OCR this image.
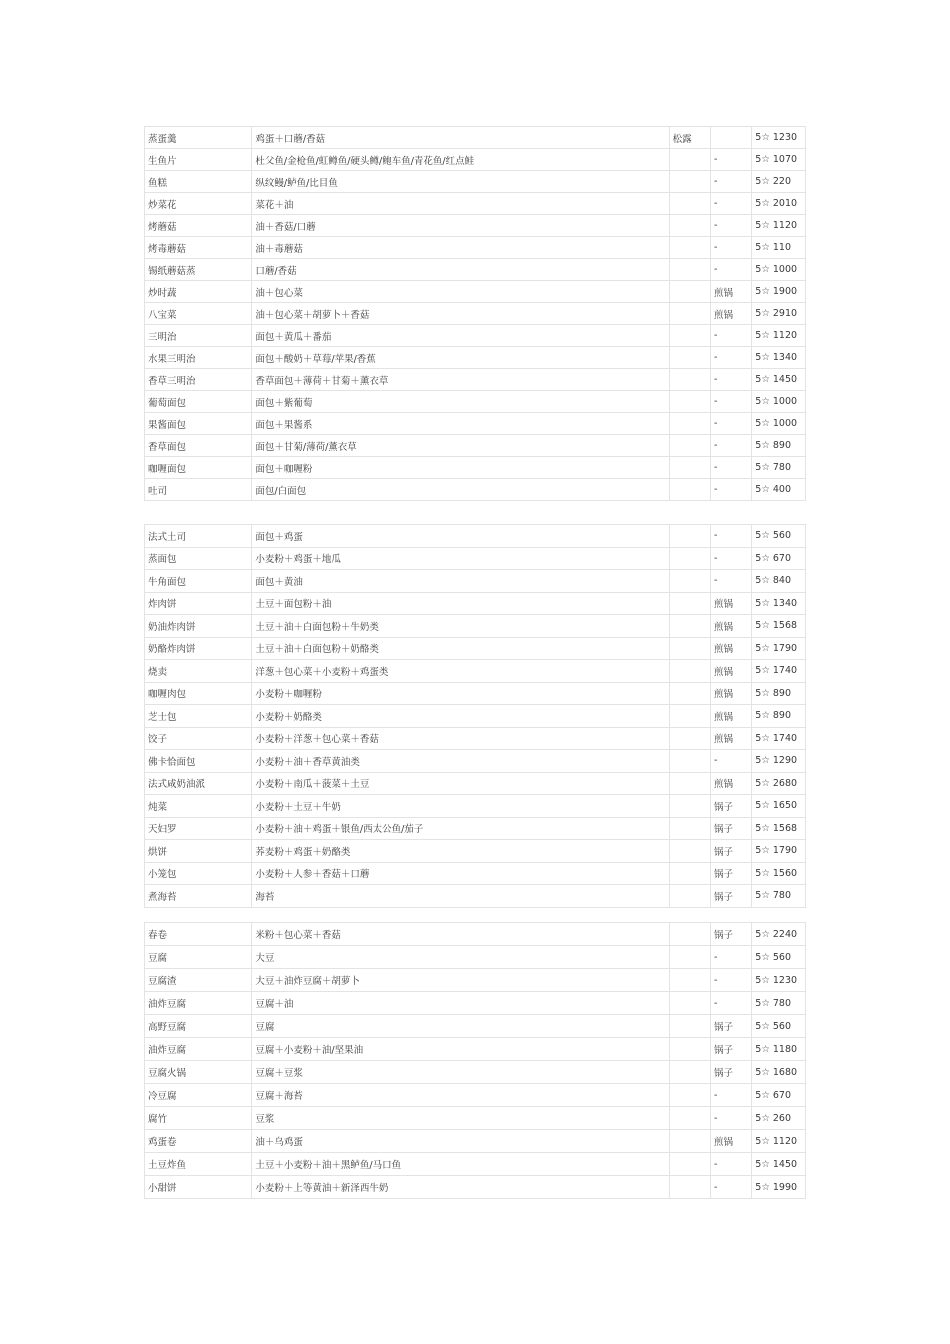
蒸蛋羹	鸡蛋＋口蘑/香菇	松露		5☆ 1230
生鱼片	杜父鱼/金枪鱼/虹鳟鱼/硬头鳟/鲍车鱼/青花鱼/红点鲑		-	5☆ 1070
鱼糕	纵纹鳗/鲈鱼/比目鱼		-	5☆ 220
炒菜花	菜花＋油		-	5☆ 2010
烤蘑菇	油＋香菇/口蘑		-	5☆ 1120
烤毒蘑菇	油＋毒蘑菇		-	5☆ 110
锡纸蘑菇蒸	口蘑/香菇		-	5☆ 1000
炒时蔬	油＋包心菜		煎锅	5☆ 1900
八宝菜	油＋包心菜＋胡萝卜＋香菇		煎锅	5☆ 2910
三明治	面包＋黄瓜＋番茄		-	5☆ 1120
水果三明治	面包＋酸奶＋草莓/苹果/香蕉		-	5☆ 1340
香草三明治	香草面包＋薄荷＋甘菊＋薰衣草		-	5☆ 1450
葡萄面包	面包＋紫葡萄		-	5☆ 1000
果酱面包	面包＋果酱系		-	5☆ 1000
香草面包	面包＋甘菊/薄荷/薰衣草		-	5☆ 890
咖喱面包	面包＋咖喱粉		-	5☆ 780
吐司	面包/白面包		-	5☆ 400
法式土司	面包＋鸡蛋		-	5☆ 560
蒸面包	小麦粉＋鸡蛋＋地瓜		-	5☆ 670
牛角面包	面包＋黄油		-	5☆ 840
炸肉饼	土豆＋面包粉＋油		煎锅	5☆ 1340
奶油炸肉饼	土豆＋油＋白面包粉＋牛奶类		煎锅	5☆ 1568
奶酪炸肉饼	土豆＋油＋白面包粉＋奶酪类		煎锅	5☆ 1790
烧卖	洋葱＋包心菜＋小麦粉＋鸡蛋类		煎锅	5☆ 1740
咖喱肉包	小麦粉＋咖喱粉		煎锅	5☆ 890
芝士包	小麦粉＋奶酪类		煎锅	5☆ 890
饺子	小麦粉＋洋葱＋包心菜＋香菇		煎锅	5☆ 1740
佛卡恰面包	小麦粉＋油＋香草黄油类		-	5☆ 1290
法式咸奶油派	小麦粉＋南瓜＋菠菜＋土豆		煎锅	5☆ 2680
炖菜	小麦粉＋土豆＋牛奶		锅子	5☆ 1650
天妇罗	小麦粉＋油＋鸡蛋＋银鱼/西太公鱼/茄子		锅子	5☆ 1568
烘饼	荞麦粉＋鸡蛋＋奶酪类		锅子	5☆ 1790
小笼包	小麦粉＋人参＋香菇＋口蘑		锅子	5☆ 1560
煮海苔	海苔		锅子	5☆ 780
春卷	米粉＋包心菜＋香菇		锅子	5☆ 2240
豆腐	大豆		-	5☆ 560
豆腐渣	大豆＋油炸豆腐＋胡萝卜		-	5☆ 1230
油炸豆腐	豆腐＋油		-	5☆ 780
高野豆腐	豆腐		锅子	5☆ 560
油炸豆腐	豆腐＋小麦粉＋油/坚果油		锅子	5☆ 1180
豆腐火锅	豆腐＋豆浆		锅子	5☆ 1680
冷豆腐	豆腐＋海苔		-	5☆ 670
腐竹	豆浆		-	5☆ 260
鸡蛋卷	油＋乌鸡蛋		煎锅	5☆ 1120
土豆炸鱼	土豆＋小麦粉＋油＋黑鲈鱼/马口鱼		-	5☆ 1450
小甜饼	小麦粉＋上等黄油＋新泽西牛奶		-	5☆ 1990
